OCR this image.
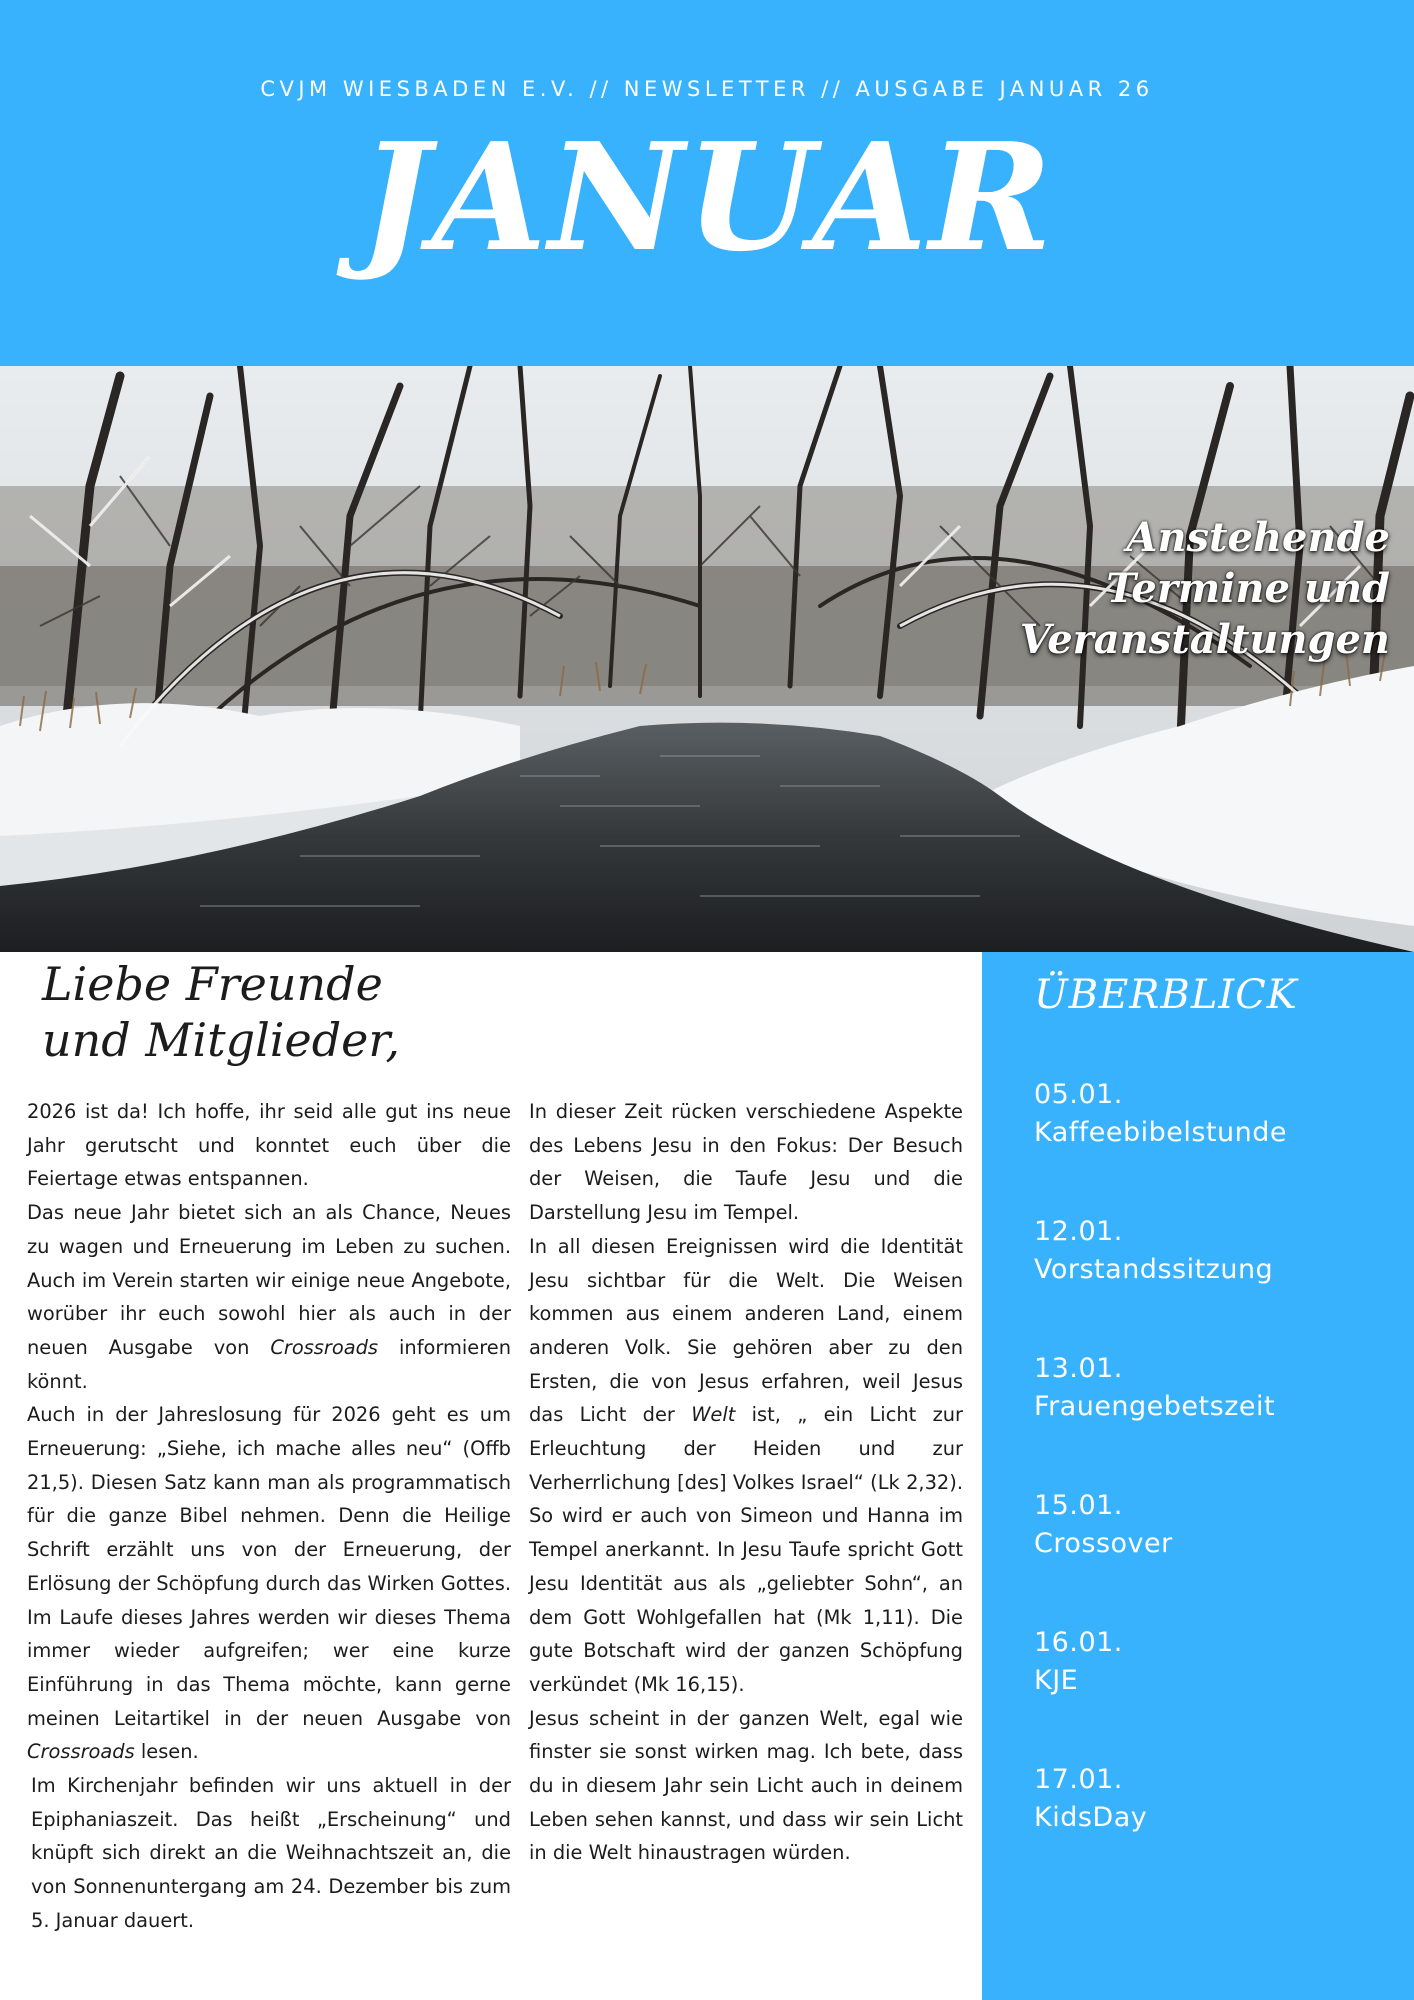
CVJM WIESBADEN E.V. // NEWSLETTER // AUSGABE JANUAR 26
JANUAR
Anstehende
Termine und
Veranstaltungen
Liebe Freunde
und Mitglieder,

2026 ist da! Ich hoffe, ihr seid alle gut ins neue Jahr gerutscht und konntet euch über die Feiertage etwas entspannen.

Das neue Jahr bietet sich an als Chance, Neues zu wagen und Erneuerung im Leben zu suchen. Auch im Verein starten wir einige neue Angebote, worüber ihr euch sowohl hier als auch in der neuen Ausgabe von Crossroads informieren könnt.

Auch in der Jahreslosung für 2026 geht es um Erneuerung: „Siehe, ich mache alles neu“ (Offb 21,5). Diesen Satz kann man als programmatisch für die ganze Bibel nehmen. Denn die Heilige Schrift erzählt uns von der Erneuerung, der Erlösung der Schöpfung durch das Wirken Gottes. Im Laufe dieses Jahres werden wir dieses Thema immer wieder aufgreifen; wer eine kurze Einführung in das Thema möchte, kann gerne meinen Leitartikel in der neuen Ausgabe von Crossroads lesen.

Im Kirchenjahr befinden wir uns aktuell in der Epiphaniaszeit. Das heißt „Erscheinung“ und knüpft sich direkt an die Weihnachtszeit an, die von Sonnenuntergang am 24. Dezember bis zum 5. Januar dauert.

In dieser Zeit rücken verschiedene Aspekte des Lebens Jesu in den Fokus: Der Besuch der Weisen, die Taufe Jesu und die Darstellung Jesu im Tempel.

In all diesen Ereignissen wird die Identität Jesu sichtbar für die Welt. Die Weisen kommen aus einem anderen Land, einem anderen Volk. Sie gehören aber zu den Ersten, die von Jesus erfahren, weil Jesus das Licht der Welt ist, „ ein Licht zur Erleuchtung der Heiden und zur Verherrlichung [des] Volkes Israel“ (Lk 2,32). So wird er auch von Simeon und Hanna im Tempel anerkannt. In Jesu Taufe spricht Gott Jesu Identität aus als „geliebter Sohn“, an dem Gott Wohlgefallen hat (Mk 1,11). Die gute Botschaft wird der ganzen Schöpfung verkündet (Mk 16,15).

Jesus scheint in der ganzen Welt, egal wie finster sie sonst wirken mag. Ich bete, dass du in diesem Jahr sein Licht auch in deinem Leben sehen kannst, und dass wir sein Licht in die Welt hinaustragen würden.

ÜBERBLICK
05.01.
Kaffeebibelstunde
12.01.
Vorstandssitzung
13.01.
Frauengebetszeit
15.01.
Crossover
16.01.
KJE
17.01.
KidsDay
